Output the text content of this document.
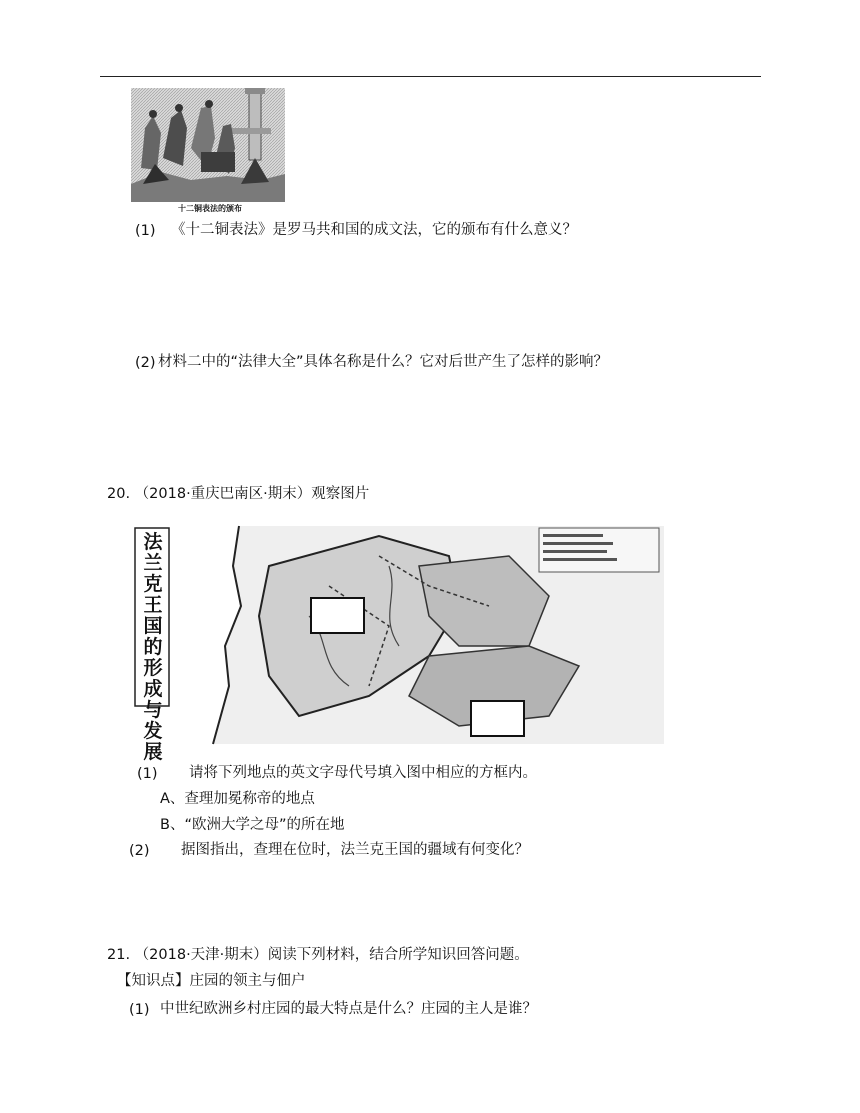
十二铜表法的颁布
(1) 《十二铜表法》是罗马共和国的成文法，它的颁布有什么意义？
(2) 材料二中的“法律大全”具体名称是什么？它对后世产生了怎样的影响？
20. （2018·重庆巴南区·期末）观察图片
法兰克王国的形成与发展
(1) 请将下列地点的英文字母代号填入图中相应的方框内。
A、查理加冕称帝的地点
B、“欧洲大学之母”的所在地
(2) 据图指出，查理在位时，法兰克王国的疆域有何变化？
21. （2018·天津·期末）阅读下列材料，结合所学知识回答问题。
【知识点】庄园的领主与佃户
(1) 中世纪欧洲乡村庄园的最大特点是什么？庄园的主人是谁？
